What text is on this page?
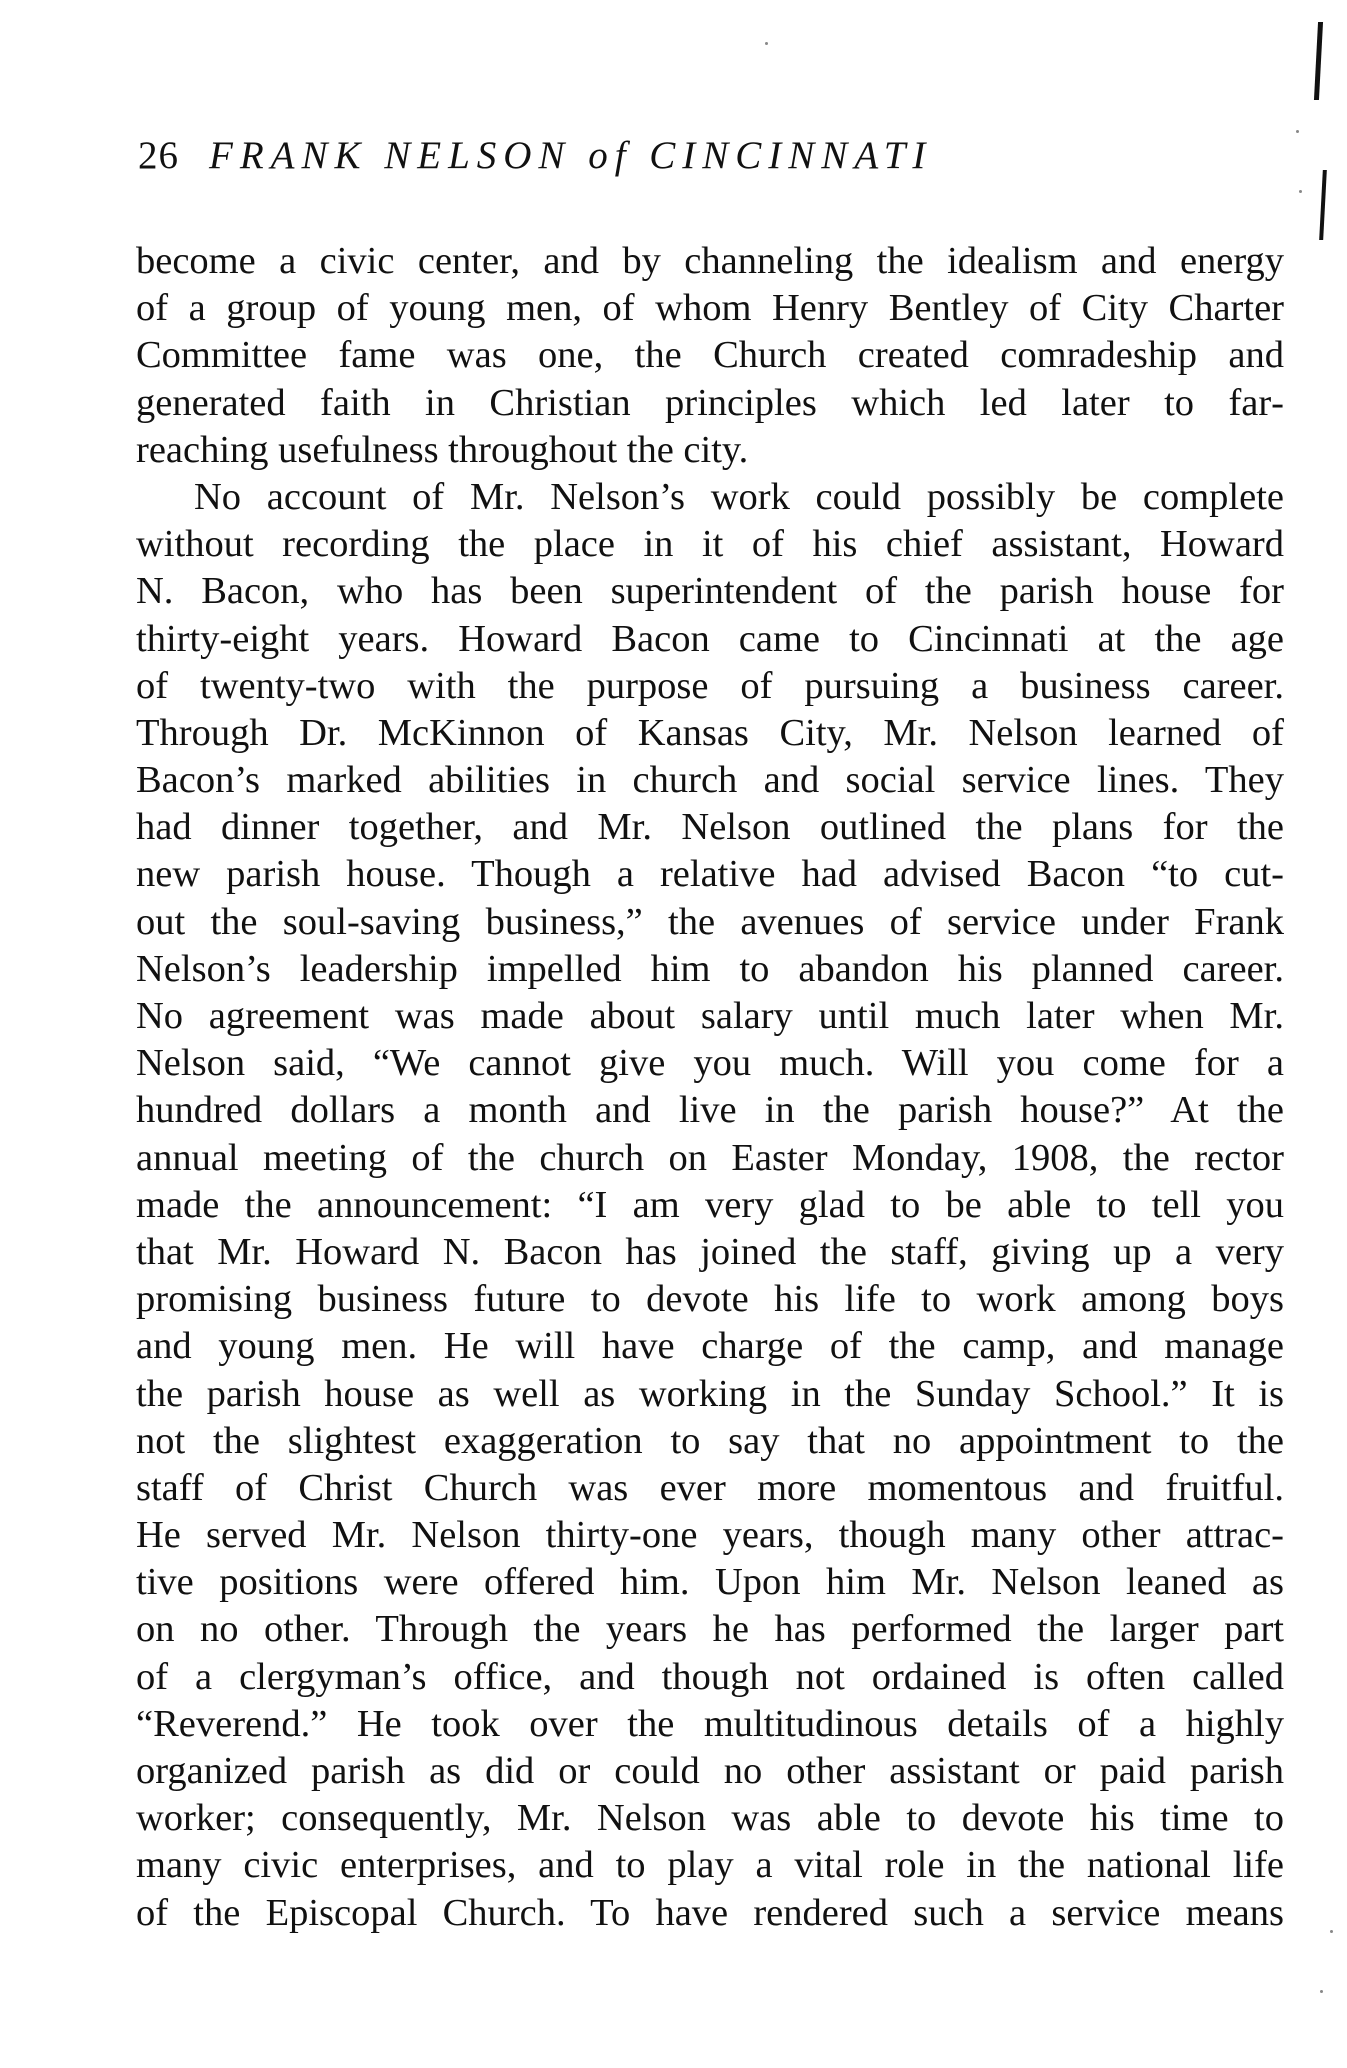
26 FRANK NELSON of CINCINNATI
become a civic center, and by channeling the idealism and energy
of a group of young men, of whom Henry Bentley of City Charter
Committee fame was one, the Church created comradeship and
generated faith in Christian principles which led later to far‑
reaching usefulness throughout the city.
No account of Mr. Nelson’s work could possibly be complete
without recording the place in it of his chief assistant, Howard
N. Bacon, who has been superintendent of the parish house for
thirty‑eight years. Howard Bacon came to Cincinnati at the age
of twenty‑two with the purpose of pursuing a business career.
Through Dr. McKinnon of Kansas City, Mr. Nelson learned of
Bacon’s marked abilities in church and social service lines. They
had dinner together, and Mr. Nelson outlined the plans for the
new parish house. Though a relative had advised Bacon “to cut‑
out the soul‑saving business,” the avenues of service under Frank
Nelson’s leadership impelled him to abandon his planned career.
No agreement was made about salary until much later when Mr.
Nelson said, “We cannot give you much. Will you come for a
hundred dollars a month and live in the parish house?” At the
annual meeting of the church on Easter Monday, 1908, the rector
made the announcement: “I am very glad to be able to tell you
that Mr. Howard N. Bacon has joined the staff, giving up a very
promising business future to devote his life to work among boys
and young men. He will have charge of the camp, and manage
the parish house as well as working in the Sunday School.” It is
not the slightest exaggeration to say that no appointment to the
staff of Christ Church was ever more momentous and fruitful.
He served Mr. Nelson thirty‑one years, though many other attrac‑
tive positions were offered him. Upon him Mr. Nelson leaned as
on no other. Through the years he has performed the larger part
of a clergyman’s office, and though not ordained is often called
“Reverend.” He took over the multitudinous details of a highly
organized parish as did or could no other assistant or paid parish
worker; consequently, Mr. Nelson was able to devote his time to
many civic enterprises, and to play a vital role in the national life
of the Episcopal Church. To have rendered such a service means
